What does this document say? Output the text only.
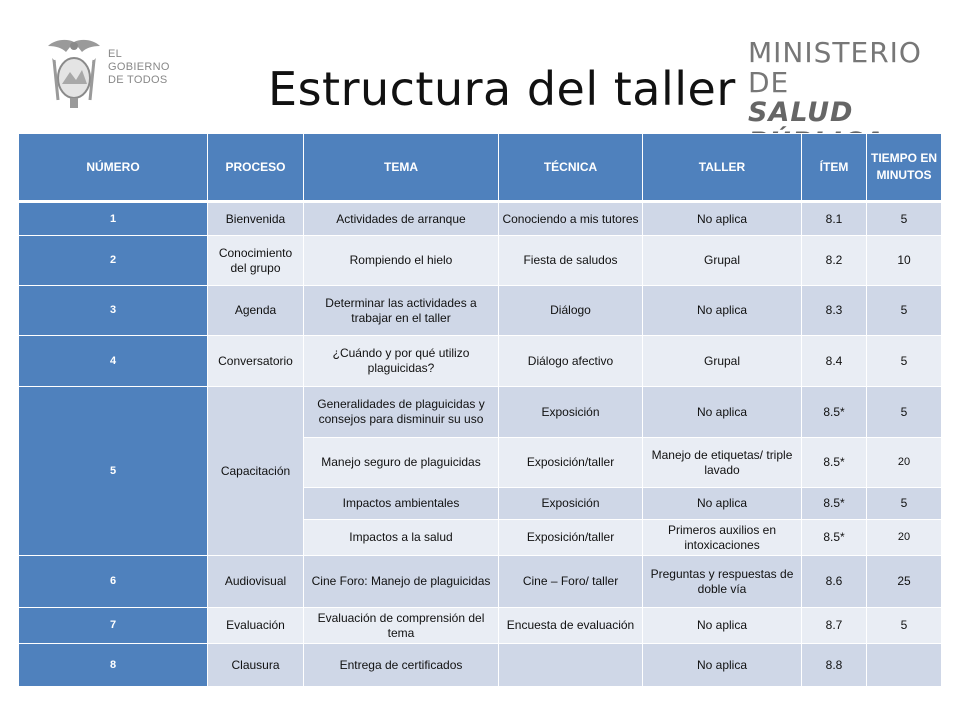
EL
GOBIERNO
DE TODOS Estructura del taller
MINISTERIO DE
SALUD
NÚMERO	PROCESO	TEMA	TÉCNICA	TALLER	ÍTEM	TIEMPO EN MINUTOS
1	Bienvenida	Actividades de arranque	Conociendo a mis tutores	No aplica	8.1	5
2	Conocimiento del grupo	Rompiendo el hielo	Fiesta de saludos	Grupal	8.2	10
3	Agenda	Determinar las actividades a trabajar en el taller	Diálogo	No aplica	8.3	5
4	Conversatorio	¿Cuándo y por qué utilizo plaguicidas?	Diálogo afectivo	Grupal	8.4	5
5	Capacitación	Generalidades de plaguicidas y consejos para disminuir su uso	Exposición	No aplica	8.5*	5
		Manejo seguro de plaguicidas	Exposición/taller	Manejo de etiquetas/ triple lavado	8.5*	20
		Impactos ambientales	Exposición	No aplica	8.5*	5
		Impactos a la salud	Exposición/taller	Primeros auxilios en intoxicaciones	8.5*	20
6	Audiovisual	Cine Foro: Manejo de plaguicidas	Cine – Foro/ taller	Preguntas y respuestas de doble vía	8.6	25
7	Evaluación	Evaluación de comprensión del tema	Encuesta de evaluación	No aplica	8.7	5
8	Clausura	Entrega de certificados		No aplica	8.8	
